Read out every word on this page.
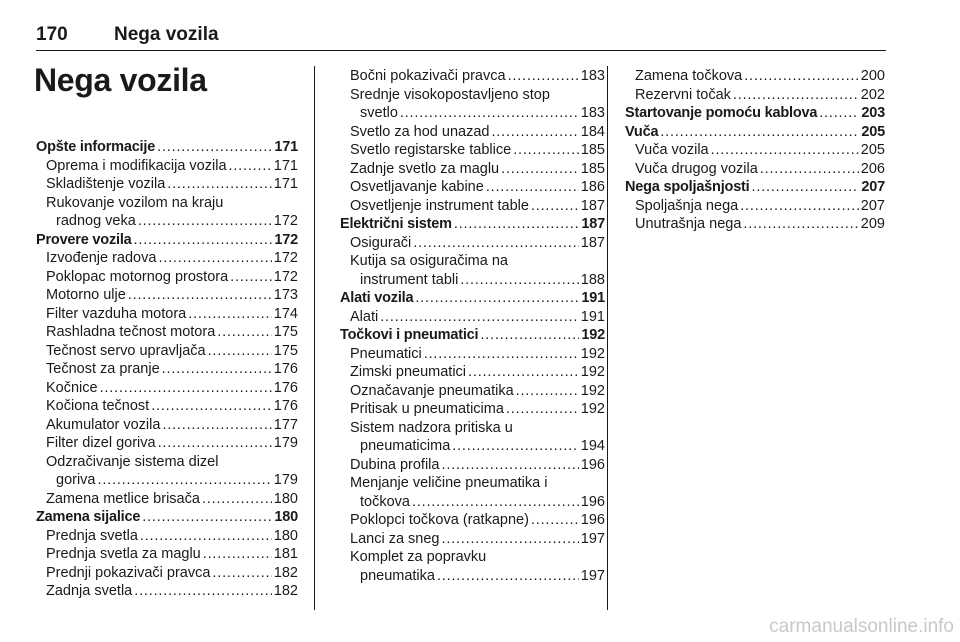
170 Nega vozila
Nega vozila
Opšte informacije .....	171
Oprema i modifikacija vozila .....	171
Skladištenje vozila .....	171
Rukovanje vozilom na kraju
radnog veka .....	172
Provere vozila .....	172
Izvođenje radova .....	172
Poklopac motornog prostora .....	172
Motorno ulje .....	173
Filter vazduha motora .....	174
Rashladna tečnost motora .....	175
Tečnost servo upravljača .....	175
Tečnost za pranje .....	176
Kočnice .....	176
Kočiona tečnost .....	176
Akumulator vozila .....	177
Filter dizel goriva .....	179
Odzračivanje sistema dizel
goriva .....	179
Zamena metlice brisača .....	180
Zamena sijalice .....	180
Prednja svetla .....	180
Prednja svetla za maglu .....	181
Prednji pokazivači pravca .....	182
Zadnja svetla .....	182
Bočni pokazivači pravca .....	183
Srednje visokopostavljeno stop
svetlo .....	183
Svetlo za hod unazad .....	184
Svetlo registarske tablice .....	185
Zadnje svetlo za maglu .....	185
Osvetljavanje kabine .....	186
Osvetljenje instrument table .....	187
Električni sistem .....	187
Osigurači .....	187
Kutija sa osiguračima na
instrument tabli .....	188
Alati vozila .....	191
Alati .....	191
Točkovi i pneumatici .....	192
Pneumatici .....	192
Zimski pneumatici .....	192
Označavanje pneumatika .....	192
Pritisak u pneumaticima .....	192
Sistem nadzora pritiska u
pneumaticima .....	194
Dubina profila .....	196
Menjanje veličine pneumatika i
točkova .....	196
Poklopci točkova (ratkapne) .....	196
Lanci za sneg .....	197
Komplet za popravku
pneumatika .....	197
Zamena točkova .....	200
Rezervni točak .....	202
Startovanje pomoću kablova .....	203
Vuča .....	205
Vuča vozila .....	205
Vuča drugog vozila .....	206
Nega spoljašnjosti .....	207
Spoljašnja nega .....	207
Unutrašnja nega .....	209
carmanualsonline.info
